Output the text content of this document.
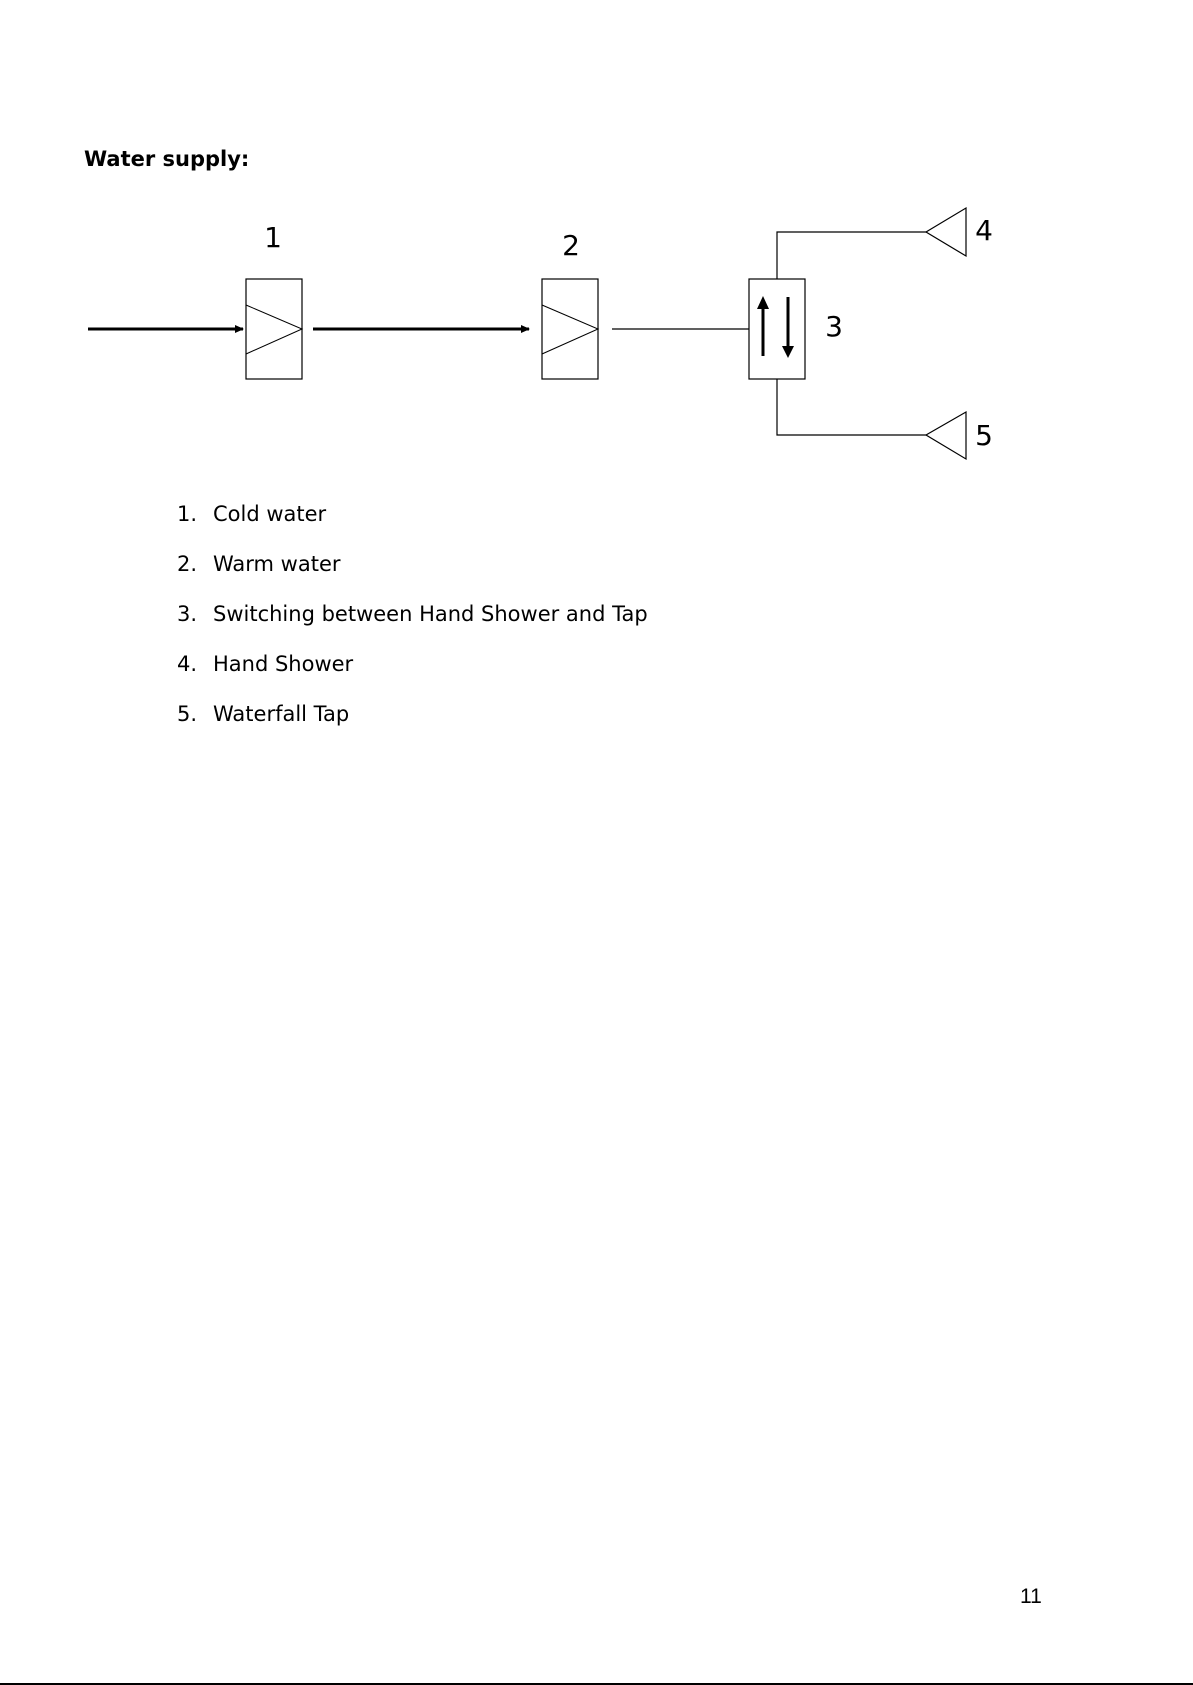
Water supply:
1	2
3
4
5
1. Cold water
2. Warm water
3. Switching between Hand Shower and Tap
4. Hand Shower
5. Waterfall Tap
11
